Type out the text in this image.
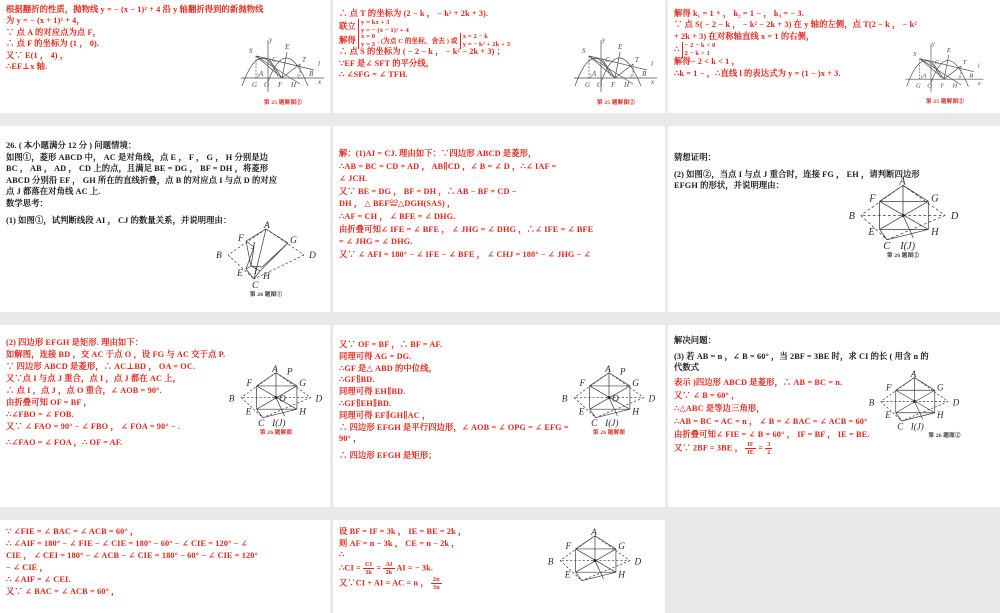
根据翻折的性质，抛物线 y = − (x − 1)² + 4 沿 y 轴翻折得到的新抛物线
为 y = − (x + 1)² + 4，
∵ 点 A 的对应点为点 F，
∴ 点 F 的坐标为 (1 ， 0).
又∵ E(1 ， 4) ，
∴EF⊥x 轴.
S
y
E
C	T l
A	B
G O F H	x
第 25 题解图②

∴ 点 T 的坐标为 (2 − k ， − k² + 2k + 3).
联立 y = kx + 3
y = − (x − 1)² + 4
解得 x = 0
y = 3 . (为点 C 的坐标，舍去 ) 或
x = 2 − k
y = − k² + 2k + 3
∴ 点 S 的坐标为 ( − 2 − k ， − k² − 2k + 3) ；
∵EF 是∠ SFT 的平分线，
∴ ∠SFG = ∠ TFH.
S
y
E
C	T l
A	B
G O F H	x
第 25 题解图②

解得 k₁ = 1 + ， k₂ = 1 − ， k₃ = − 3.
∵ 点 S( − 2 − k ， − k² − 2k + 3) 在 y 轴的左侧，点 T(2 − k ， − k²
+ 2k + 3) 在对称轴直线 x = 1 的右侧，
∴ − 2 − k < 0
2 − k > 1
解得− 2 < k < 1 ，
∴k = 1 − ，∴直线 l 的表达式为 y = (1 − )x + 3.
S
y
E
C	T
l
A	B
G O F H	x
第 25 题解图②
26. ( 本小题满分 12 分 ) 问题情境：
如图①，菱形 ABCD 中， AC 是对角线，点 E ， F ， G ， H 分别是边
BC ， AB ， AD ， CD 上的点，且满足 BE = DG ， BF = DH ，将菱形
ABCD 分别沿 EF ， GH 所在的直线折叠，点 B 的对应点 I 与点 D 的对应
点 J 都落在对角线 AC 上.
数学思考：
(1) 如图①，试判断线段 AI ， CJ 的数量关系，并说明理由：
A
F
J
G
B	D
E I H
C
第 26 题图①
解：(1)AI = CJ. 理由如下：∵四边形 ABCD 是菱形，
∴AB = BC = CD = AD ， AB∥CD ，∠ B = ∠ D ，∴∠ IAF =
∠ JCH.
又∵ BE = DG ， BF = DH ，∴ AB − BF = CD −
DH ， △ BEF≌△DGH(SAS) ，
∴AF = CH ， ∠ BFE = ∠ DHG.
由折叠可知∠ IFE = ∠ BFE ， ∠ JHG = ∠ DHG ，∴∠ IFE = ∠ BFE
= ∠ JHG = ∠ DHG.
又∵ ∠ AFI = 180° − ∠ IFE − ∠ BFE ， ∠ CHJ = 180° − ∠ JHG − ∠
猜想证明：
(2) 如图②，当点 I 与点 J 重合时，连接 FG ， EH ，请判断四边形
EFGH 的形状，并说明理由：	A
F	G
B	D
E	H
C I(J)
第 26 题图②
(2) 四边形 EFGH 是矩形. 理由如下：
如解图，连接 BD ，交 AC 于点 O ，设 FG 与 AC 交于点 P.
∵ 四边形 ABCD 是菱形，∴ AC⊥BD ， OA = OC.
又∵点 I 与点 J 重合，点 I ，点 J 都在 AC 上，
∴ 点 I ，点 J ，点 O 重合，∠ AOB = 90°.
由折叠可知 OF = BF ，
∴∠FBO = ∠ FOB.
又∵ ∠ FAO = 90° − ∠ FBO ， ∠ FOA = 90° − .
∴∠FAO = ∠ FOA ，∴ OF = AF.
A P
F	G
B	O D
E	H
C I(J)
第 26 题解图
又∵ OF = BF ，∴ BF = AF.
同理可得 AG = DG.
∴GF 是△ ABD 的中位线，
∴GF∥BD.
同理可得 EH∥BD.
∴GF∥EH∥BD.
同理可得 EF∥GH∥AC ，
∴ 四边形 EFGH 是平行四边形，∠ AOB = ∠ OPG = ∠ EFG =
90° ，
∴ 四边形 EFGH 是矩形；
A P
F	G
B	O D
E	H
C I(J)
第 26 题解图
解决问题：
(3) 若 AB = n ，∠ B = 60° ，当 2BF = 3BE 时，求 CI 的长 ( 用含 n 的
代数式
表示 )四边形 ABCD 是菱形，∴ AB = BC = n.
又∵ ∠ B = 60° ，
∴△ABC 是等边三角形，
∴AB = BC = AC = n ， ∠ B = ∠ BAC = ∠ ACB = 60°
由折叠可知∠ FIE = ∠ B = 60° ， IF = BF ， IE = BE.
又∵ 2BF = 3BE ， $\frac{IF}{IE} = \frac{3}{2}$
A
F	G
B	D
E	H
C I(J)
第 26 题图②
∵ ∠FIE = ∠ BAC = ∠ ACB = 60° ，
∴ ∠AIF = 180° − ∠ FIE − ∠ CIE = 180° − 60° − ∠ CIE = 120° − ∠
CIE ， ∠ CEI = 180° − ∠ ACB − ∠ CIE = 180° − 60° − ∠ CIE = 120°
− ∠ CIE ，
∴ ∠AIF = ∠ CEI.
又∵ ∠ BAC = ∠ ACB = 60° ，
设 BF = IF = 3k ， IE = BE = 2k ，
则 AF = n − 3k ， CE = n − 2k ，
∴
∴CI = $\frac{CI}{3k} = \frac{AI}{2k}$ AI = − 3k.
又∵CI + AI = AC = n ， $\frac{2n}{3n}$
A
F	G
B	D
E	H
